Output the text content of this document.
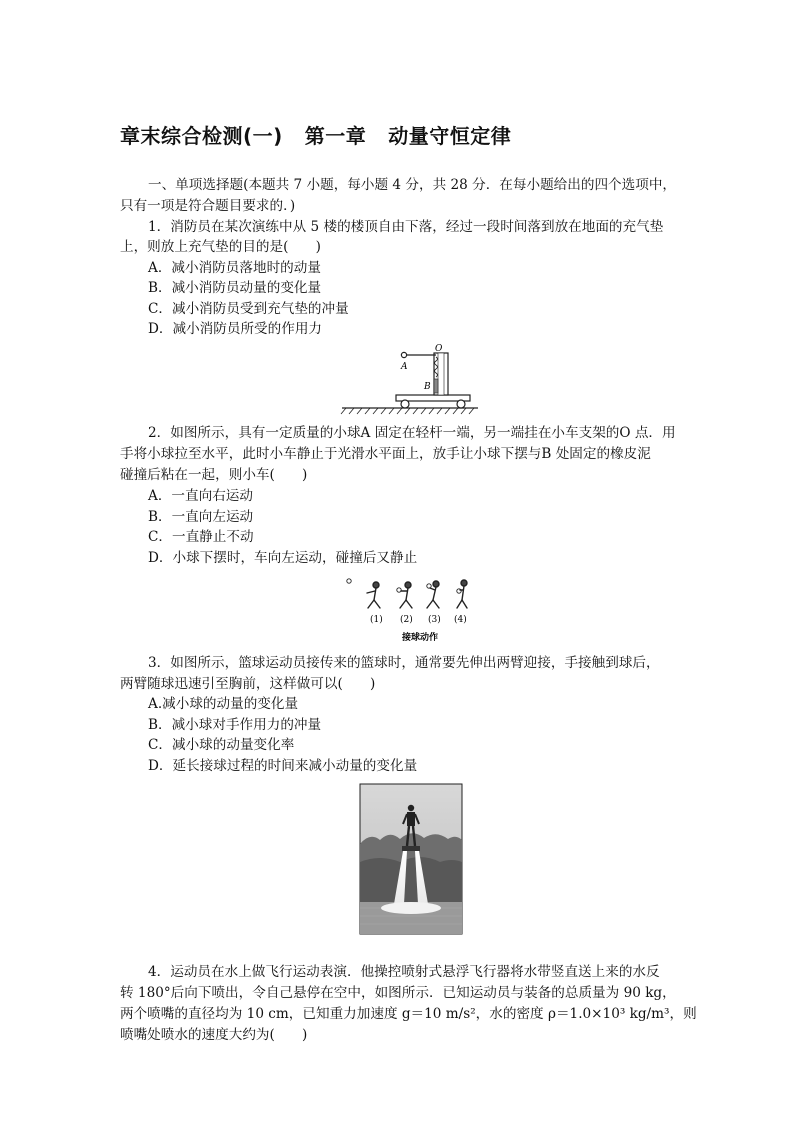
章末综合检测(一) 第一章 动量守恒定律
一、单项选择题(本题共 7 小题，每小题 4 分，共 28 分．在每小题给出的四个选项中，
只有一项是符合题目要求的．)
1．消防员在某次演练中从 5 楼的楼顶自由下落，经过一段时间落到放在地面的充气垫
上，则放上充气垫的目的是(　　)
A．减小消防员落地时的动量
B．减小消防员动量的变化量
C．减小消防员受到充气垫的冲量
D．减小消防员所受的作用力
O
A
B
2．如图所示，具有一定质量的小球A 固定在轻杆一端，另一端挂在小车支架的O 点．用
手将小球拉至水平，此时小车静止于光滑水平面上，放手让小球下摆与B 处固定的橡皮泥
碰撞后粘在一起，则小车(　　)
A．一直向右运动
B．一直向左运动
C．一直静止不动
D．小球下摆时，车向左运动，碰撞后又静止
(1) (2) (3) (4)
接球动作
3．如图所示，篮球运动员接传来的篮球时，通常要先伸出两臂迎接，手接触到球后，
两臂随球迅速引至胸前，这样做可以(　　)
A.减小球的动量的变化量
B．减小球对手作用力的冲量
C．减小球的动量变化率
D．延长接球过程的时间来减小动量的变化量
4．运动员在水上做飞行运动表演．他操控喷射式悬浮飞行器将水带竖直送上来的水反
转 180°后向下喷出，令自己悬停在空中，如图所示．已知运动员与装备的总质量为 90 kg，
两个喷嘴的直径均为 10 cm，已知重力加速度 g＝10 m/s²，水的密度 ρ＝1.0×10³ kg/m³，则
喷嘴处喷水的速度大约为(　　)
